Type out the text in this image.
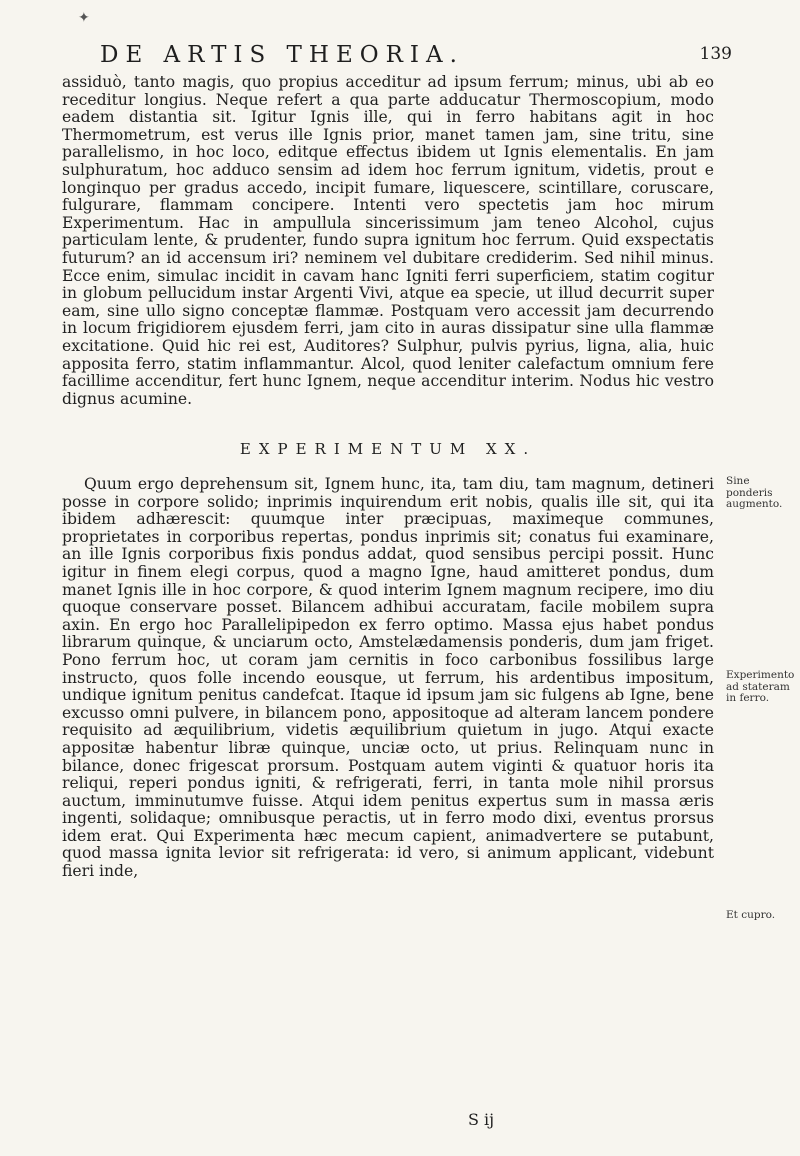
✦
DE ARTIS THEORIA.	139

assiduò, tanto magis, quo propius acceditur ad ipsum ferrum; minus, ubi ab eo receditur longius. Neque refert a qua parte adducatur Thermoscopium, modo eadem distantia sit. Igitur Ignis ille, qui in ferro habitans agit in hoc Thermometrum, est verus ille Ignis prior, manet tamen jam, sine tritu, sine parallelismo, in hoc loco, editque effectus ibidem ut Ignis elementalis. En jam sulphuratum, hoc adduco sensim ad idem hoc ferrum ignitum, videtis, prout e longinquo per gradus accedo, incipit fumare, liquescere, scintillare, coruscare, fulgurare, flammam concipere. Intenti vero spectetis jam hoc mirum Experimentum. Hac in ampullula sincerissimum jam teneo Alcohol, cujus particulam lente, & prudenter, fundo supra ignitum hoc ferrum. Quid exspectatis futurum? an id accensum iri? neminem vel dubitare crediderim. Sed nihil minus. Ecce enim, simulac incidit in cavam hanc Igniti ferri superficiem, statim cogitur in globum pellucidum instar Argenti Vivi, atque ea specie, ut illud decurrit super eam, sine ullo signo conceptæ flammæ. Postquam vero accessit jam decurrendo in locum frigidiorem ejusdem ferri, jam cito in auras dissipatur sine ulla flammæ excitatione. Quid hic rei est, Auditores? Sulphur, pulvis pyrius, ligna, alia, huic apposita ferro, statim inflammantur. Alcol, quod leniter calefactum omnium fere facillime accenditur, fert hunc Ignem, neque accenditur interim. Nodus hic vestro dignus acumine.

EXPERIMENTUM XX.

Quum ergo deprehensum sit, Ignem hunc, ita, tam diu, tam magnum, detineri posse in corpore solido; inprimis inquirendum erit nobis, qualis ille sit, qui ita ibidem adhærescit: quumque inter præcipuas, maximeque communes, proprietates in corporibus repertas, pondus inprimis sit; conatus fui examinare, an ille Ignis corporibus fixis pondus addat, quod sensibus percipi possit. Hunc igitur in finem elegi corpus, quod a magno Igne, haud amitteret pondus, dum manet Ignis ille in hoc corpore, & quod interim Ignem magnum recipere, imo diu quoque conservare posset. Bilancem adhibui accuratam, facile mobilem supra axin. En ergo hoc Parallelipipedon ex ferro optimo. Massa ejus habet pondus librarum quinque, & unciarum octo, Amstelædamensis ponderis, dum jam friget. Pono ferrum hoc, ut coram jam cernitis in foco carbonibus fossilibus large instructo, quos folle incendo eousque, ut ferrum, his ardentibus impositum, undique ignitum penitus candefcat. Itaque id ipsum jam sic fulgens ab Igne, bene excusso omni pulvere, in bilancem pono, appositoque ad alteram lancem pondere requisito ad æquilibrium, videtis æquilibrium quietum in jugo. Atqui exacte appositæ habentur libræ quinque, unciæ octo, ut prius. Relinquam nunc in bilance, donec frigescat prorsum. Postquam autem viginti & quatuor horis ita reliqui, reperi pondus igniti, & refrigerati, ferri, in tanta mole nihil prorsus auctum, imminutumve fuisse. Atqui idem penitus expertus sum in massa æris ingenti, solidaque; omnibusque peractis, ut in ferro modo dixi, eventus prorsus idem erat. Qui Experimenta hæc mecum capient, animadvertere se putabunt, quod massa ignita levior sit refrigerata: id vero, si animum applicant, videbunt fieri inde,

Sine ponderis augmento.
Experimento ad stateram in ferro.
Et cupro.
S ij
